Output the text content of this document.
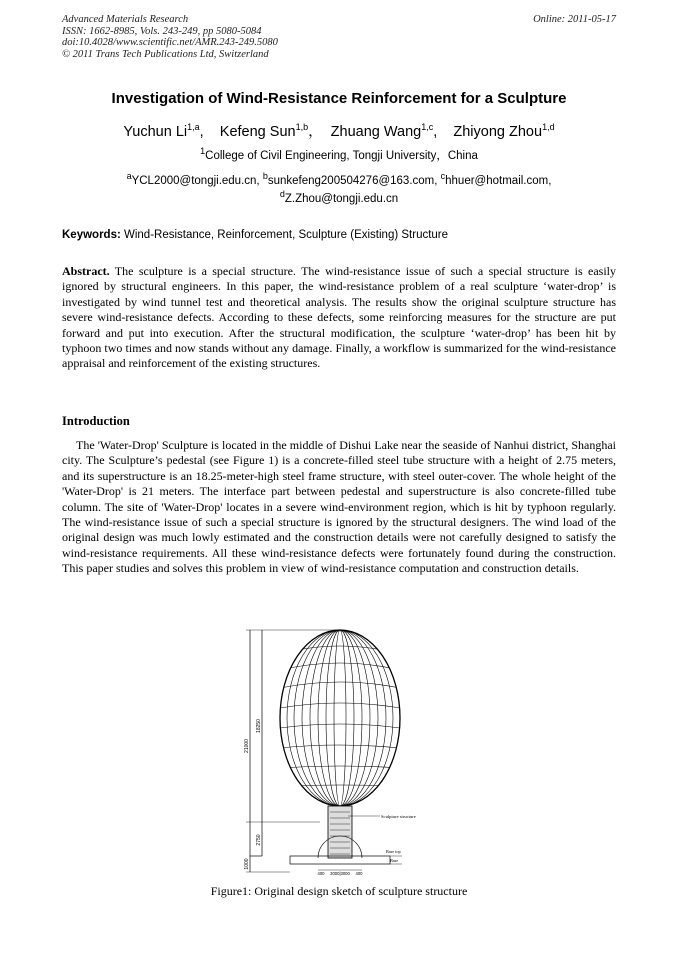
Advanced Materials Research
ISSN: 1662-8985, Vols. 243-249, pp 5080-5084
doi:10.4028/www.scientific.net/AMR.243-249.5080
© 2011 Trans Tech Publications Ltd, Switzerland
Online: 2011-05-17
Investigation of Wind-Resistance Reinforcement for a Sculpture
Yuchun Li$^{1,a}$,    Kefeng Sun$^{1,b}$，  Zhuang Wang$^{1,c}$,    Zhiyong Zhou$^{1,d}$
$^1$College of Civil Engineering, Tongji University，China
$^a$YCL2000@tongji.edu.cn, $^b$sunkefeng200504276@163.com, $^c$hhuer@hotmail.com,
$^d$Z.Zhou@tongji.edu.cn
Keywords: Wind-Resistance, Reinforcement, Sculpture (Existing) Structure

Abstract. The sculpture is a special structure. The wind-resistance issue of such a special structure is easily ignored by structural engineers. In this paper, the wind-resistance problem of a real sculpture ‘water-drop’ is investigated by wind tunnel test and theoretical analysis. The results show the original sculpture structure has severe wind-resistance defects. According to these defects, some reinforcing measures for the structure are put forward and put into execution. After the structural modification, the sculpture ‘water-drop’ has been hit by typhoon two times and now stands without any damage. Finally, a workflow is summarized for the wind-resistance appraisal and reinforcement of the existing structures.

Introduction

The 'Water-Drop' Sculpture is located in the middle of Dishui Lake near the seaside of Nanhui district, Shanghai city. The Sculpture’s pedestal (see Figure 1) is a concrete-filled steel tube structure with a height of 2.75 meters, and its superstructure is an 18.25-meter-high steel frame structure, with steel outer-cover. The whole height of the 'Water-Drop' is 21 meters. The interface part between pedestal and superstructure is also concrete-filled tube column. The site of 'Water-Drop' locates in a severe wind-environment region, which is hit by typhoon regularly. The wind-resistance issue of such a special structure is ignored by the structural designers. The wind load of the original design was much lowly estimated and the construction details were not carefully designed to satisfy the wind-resistance requirements. All these wind-resistance defects were fortunately found during the construction. This paper studies and solves this problem in view of wind-resistance computation and construction details.

21000
18250
2750
1000
Sculpture structure
Base top
Base
400 3000|3000 400
Figure1: Original design sketch of sculpture structure
